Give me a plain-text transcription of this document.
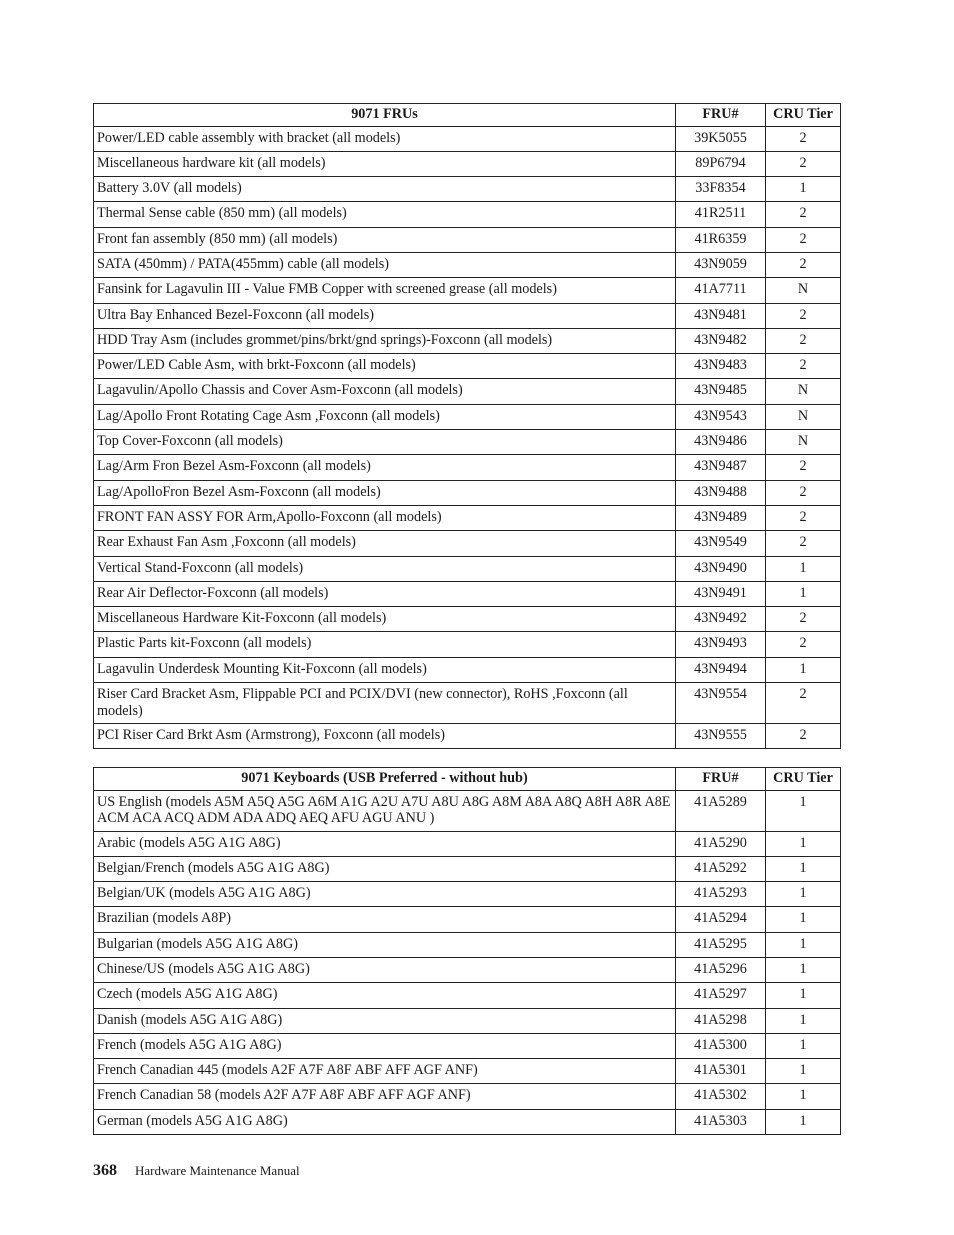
9071 FRUs	FRU#	CRU Tier
Power/LED cable assembly with bracket (all models)	39K5055	2
Miscellaneous hardware kit (all models)	89P6794	2
Battery 3.0V (all models)	33F8354	1
Thermal Sense cable (850 mm) (all models)	41R2511	2
Front fan assembly (850 mm) (all models)	41R6359	2
SATA (450mm) / PATA(455mm) cable (all models)	43N9059	2
Fansink for Lagavulin III - Value FMB Copper with screened grease (all models)	41A7711	N
Ultra Bay Enhanced Bezel-Foxconn (all models)	43N9481	2
HDD Tray Asm (includes grommet/pins/brkt/gnd springs)-Foxconn (all models)	43N9482	2
Power/LED Cable Asm, with brkt-Foxconn (all models)	43N9483	2
Lagavulin/Apollo Chassis and Cover Asm-Foxconn (all models)	43N9485	N
Lag/Apollo Front Rotating Cage Asm ,Foxconn (all models)	43N9543	N
Top Cover-Foxconn (all models)	43N9486	N
Lag/Arm Fron Bezel Asm-Foxconn (all models)	43N9487	2
Lag/ApolloFron Bezel Asm-Foxconn (all models)	43N9488	2
FRONT FAN ASSY FOR Arm,Apollo-Foxconn (all models)	43N9489	2
Rear Exhaust Fan Asm ,Foxconn (all models)	43N9549	2
Vertical Stand-Foxconn (all models)	43N9490	1
Rear Air Deflector-Foxconn (all models)	43N9491	1
Miscellaneous Hardware Kit-Foxconn (all models)	43N9492	2
Plastic Parts kit-Foxconn (all models)	43N9493	2
Lagavulin Underdesk Mounting Kit-Foxconn (all models)	43N9494	1
Riser Card Bracket Asm, Flippable PCI and PCIX/DVI (new connector), RoHS ,Foxconn (all models)	43N9554	2
PCI Riser Card Brkt Asm (Armstrong), Foxconn (all models)	43N9555	2
9071 Keyboards (USB Preferred - without hub)	FRU#	CRU Tier
US English (models A5M A5Q A5G A6M A1G A2U A7U A8U A8G A8M A8A A8Q A8H A8R A8E ACM ACA ACQ ADM ADA ADQ AEQ AFU AGU ANU )	41A5289	1
Arabic (models A5G A1G A8G)	41A5290	1
Belgian/French (models A5G A1G A8G)	41A5292	1
Belgian/UK (models A5G A1G A8G)	41A5293	1
Brazilian (models A8P)	41A5294	1
Bulgarian (models A5G A1G A8G)	41A5295	1
Chinese/US (models A5G A1G A8G)	41A5296	1
Czech (models A5G A1G A8G)	41A5297	1
Danish (models A5G A1G A8G)	41A5298	1
French (models A5G A1G A8G)	41A5300	1
French Canadian 445 (models A2F A7F A8F ABF AFF AGF ANF)	41A5301	1
French Canadian 58 (models A2F A7F A8F ABF AFF AGF ANF)	41A5302	1
German (models A5G A1G A8G)	41A5303	1
368 Hardware Maintenance Manual
